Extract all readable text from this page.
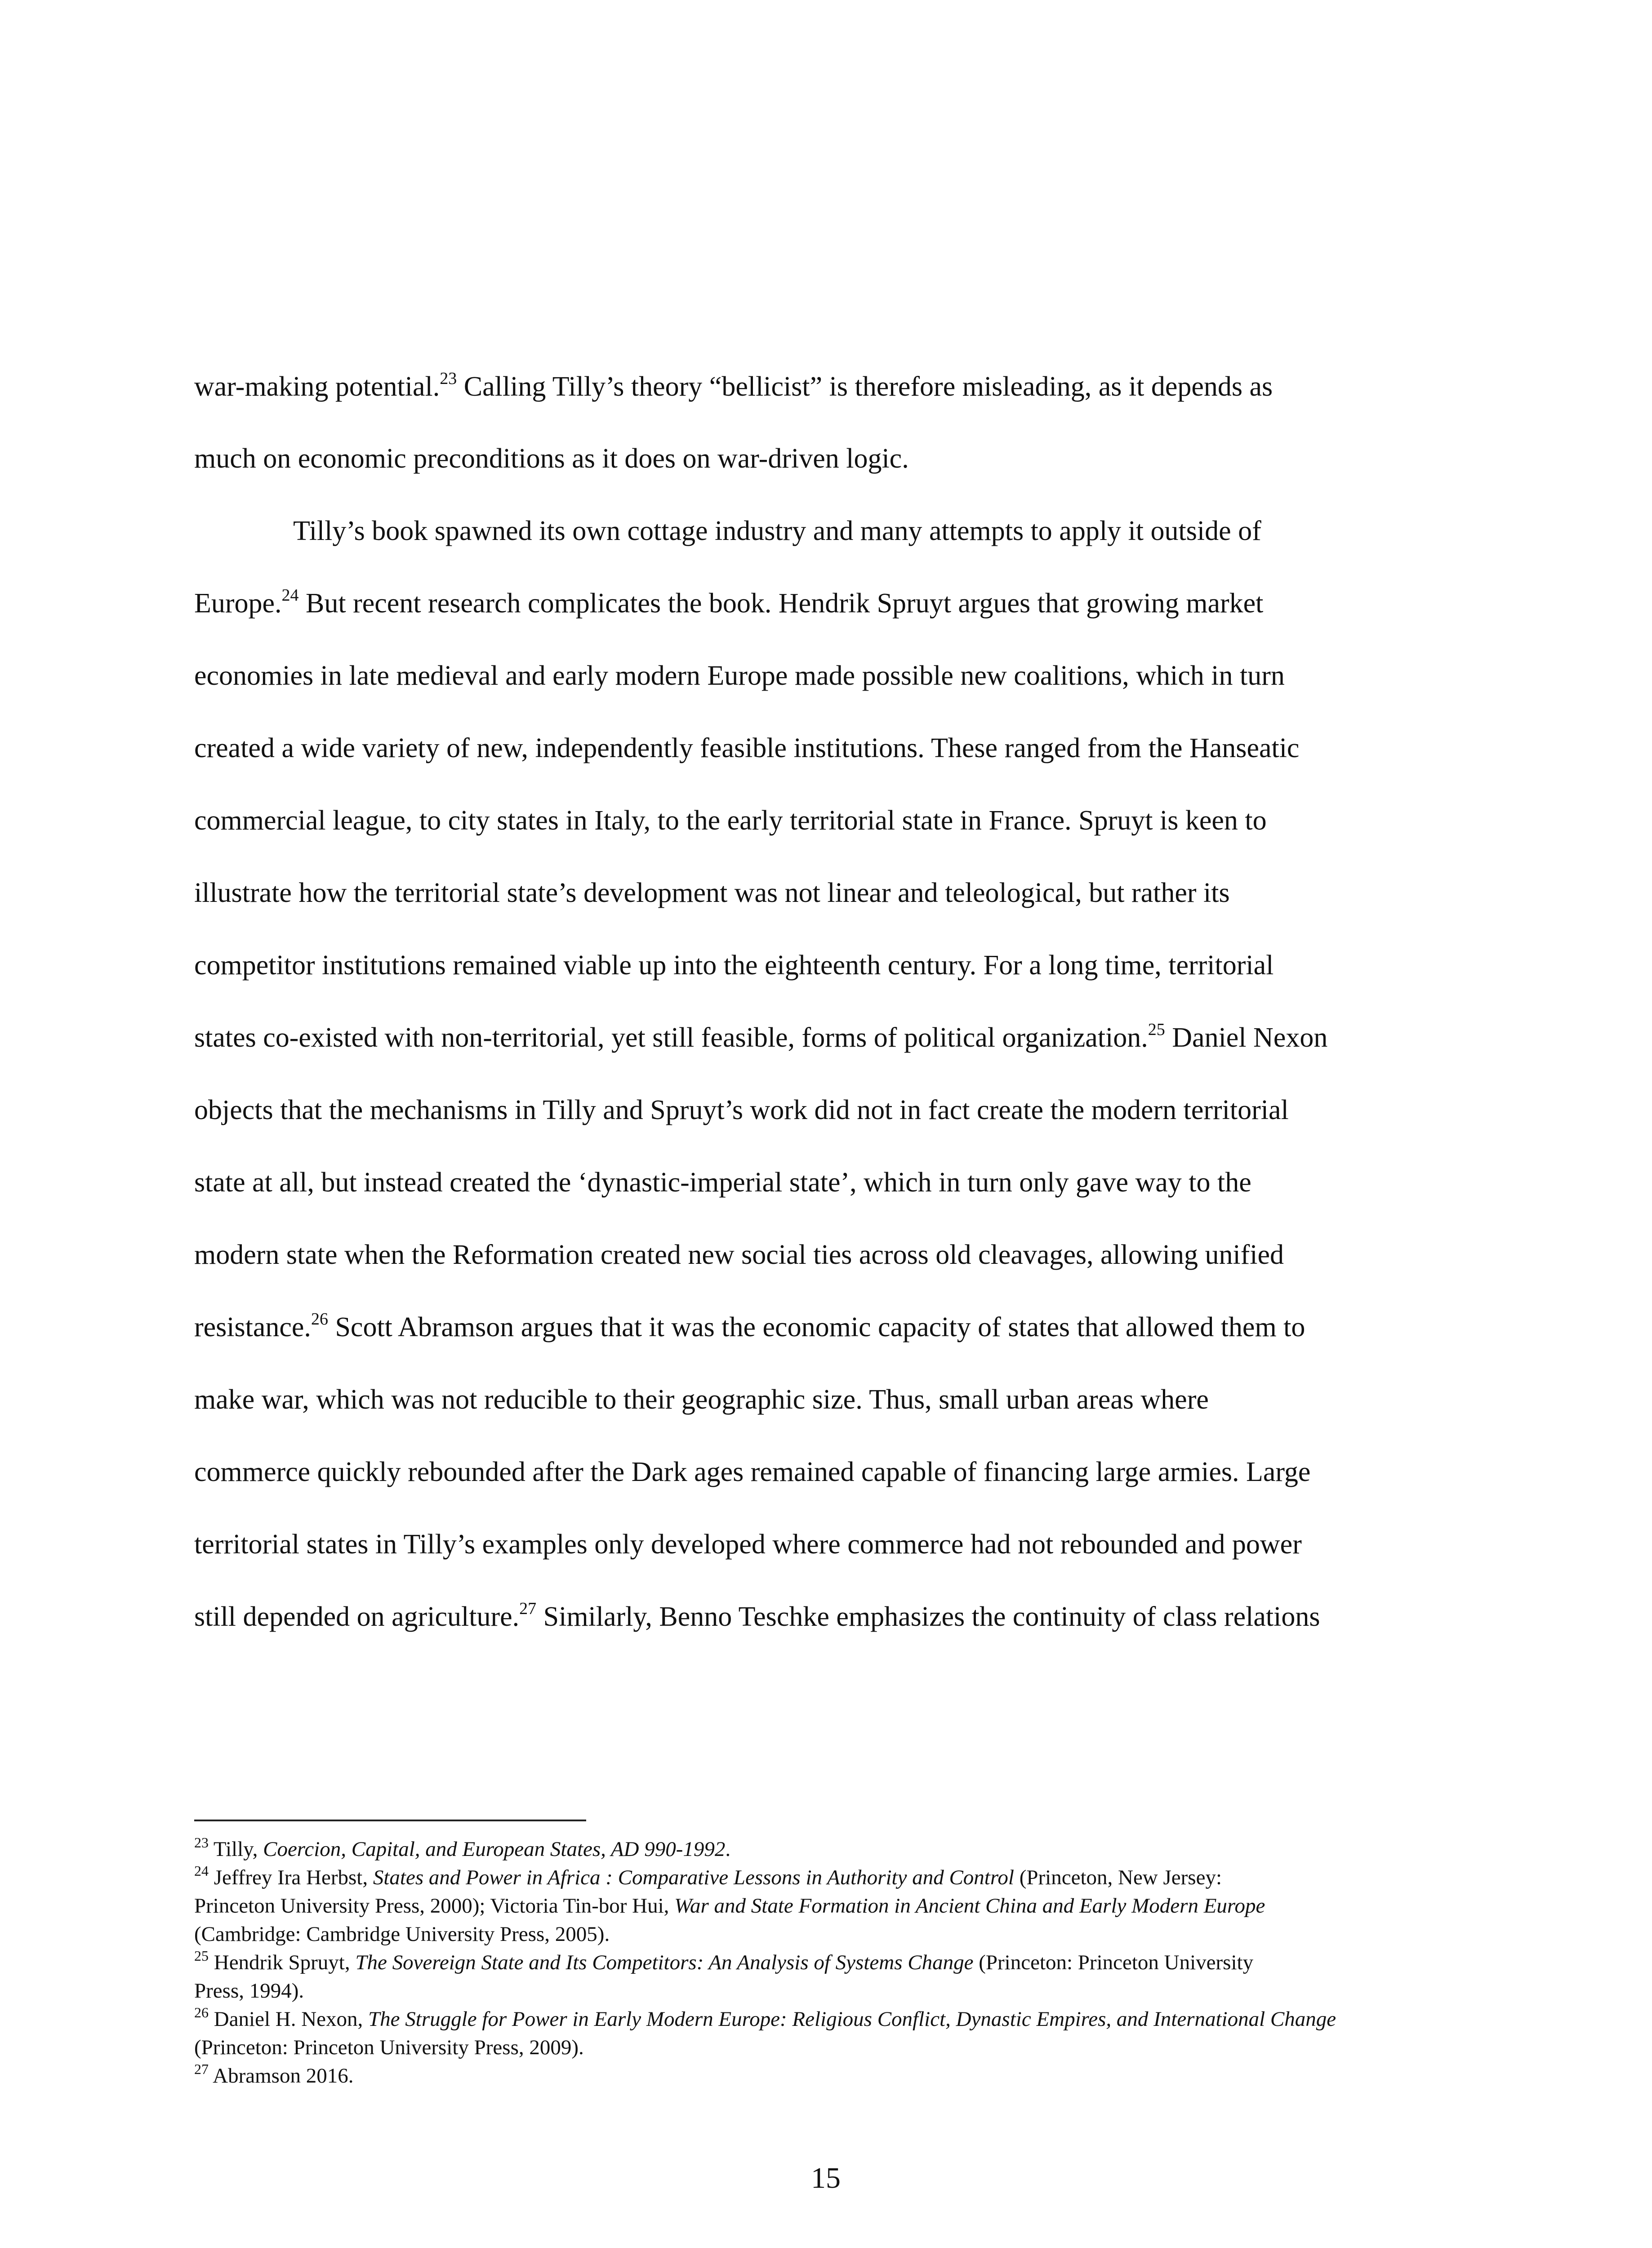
war-making potential.$^{23}$ Calling Tilly’s theory “bellicist” is therefore misleading, as it depends as
much on economic preconditions as it does on war-driven logic.
Tilly’s book spawned its own cottage industry and many attempts to apply it outside of
Europe.$^{24}$ But recent research complicates the book. Hendrik Spruyt argues that growing market
economies in late medieval and early modern Europe made possible new coalitions, which in turn
created a wide variety of new, independently feasible institutions. These ranged from the Hanseatic
commercial league, to city states in Italy, to the early territorial state in France. Spruyt is keen to
illustrate how the territorial state’s development was not linear and teleological, but rather its
competitor institutions remained viable up into the eighteenth century. For a long time, territorial
states co-existed with non-territorial, yet still feasible, forms of political organization.$^{25}$ Daniel Nexon
objects that the mechanisms in Tilly and Spruyt’s work did not in fact create the modern territorial
state at all, but instead created the ‘dynastic-imperial state’, which in turn only gave way to the
modern state when the Reformation created new social ties across old cleavages, allowing unified
resistance.$^{26}$ Scott Abramson argues that it was the economic capacity of states that allowed them to
make war, which was not reducible to their geographic size. Thus, small urban areas where
commerce quickly rebounded after the Dark ages remained capable of financing large armies. Large
territorial states in Tilly’s examples only developed where commerce had not rebounded and power
still depended on agriculture.$^{27}$ Similarly, Benno Teschke emphasizes the continuity of class relations
$^{23}$ Tilly, Coercion, Capital, and European States, AD 990-1992.
$^{24}$ Jeffrey Ira Herbst, States and Power in Africa : Comparative Lessons in Authority and Control (Princeton, New Jersey:
Princeton University Press, 2000); Victoria Tin-bor Hui, War and State Formation in Ancient China and Early Modern Europe
(Cambridge: Cambridge University Press, 2005).
$^{25}$ Hendrik Spruyt, The Sovereign State and Its Competitors: An Analysis of Systems Change (Princeton: Princeton University
Press, 1994).
$^{26}$ Daniel H. Nexon, The Struggle for Power in Early Modern Europe: Religious Conflict, Dynastic Empires, and International Change
(Princeton: Princeton University Press, 2009).
$^{27}$ Abramson 2016.
15
